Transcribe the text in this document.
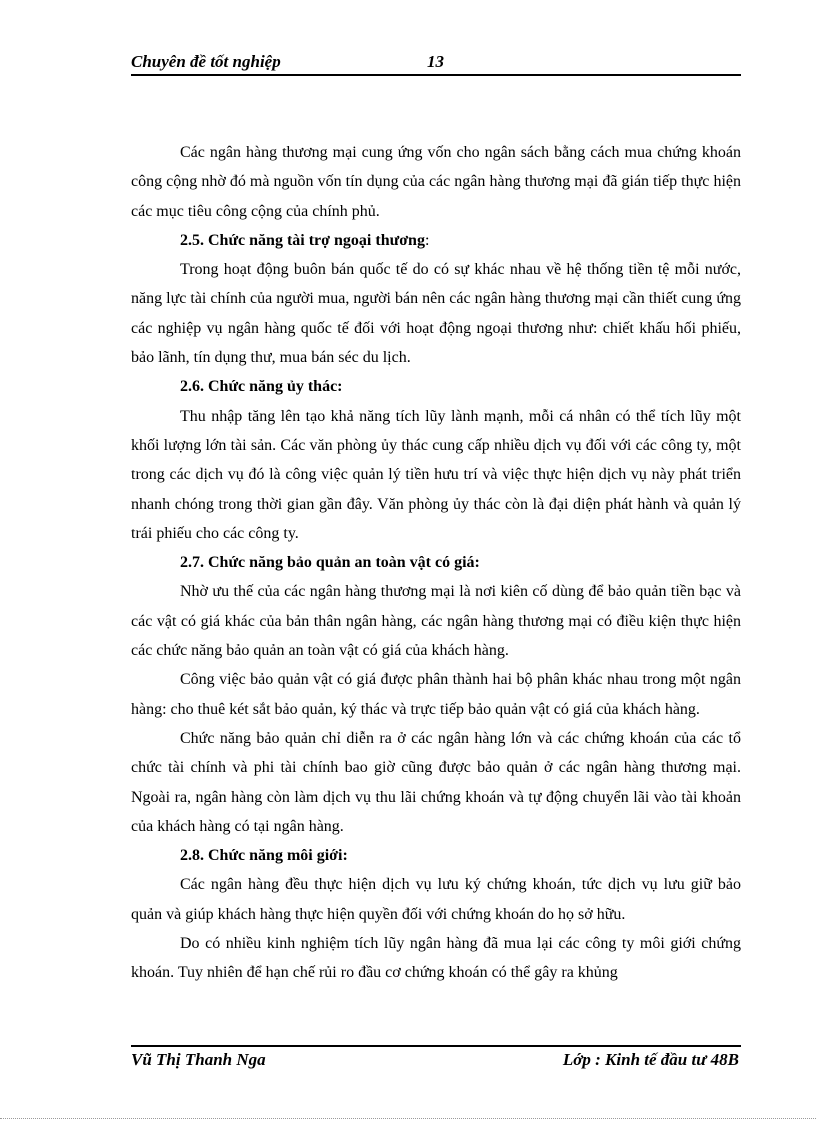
Chuyên đề tốt nghiệp	13

Các ngân hàng thương mại cung ứng vốn cho ngân sách bằng cách mua chứng khoán công cộng nhờ đó mà nguồn vốn tín dụng của các ngân hàng thương mại đã gián tiếp thực hiện các mục tiêu công cộng của chính phủ.

2.5. Chức năng tài trợ ngoại thương:

Trong hoạt động buôn bán quốc tế do có sự khác nhau về hệ thống tiền tệ mỗi nước, năng lực tài chính của người mua, người bán nên các ngân hàng thương mại cần thiết cung ứng các nghiệp vụ ngân hàng quốc tế đối với hoạt động ngoại thương như: chiết khấu hối phiếu, bảo lãnh, tín dụng thư, mua bán séc du lịch.

2.6. Chức năng ủy thác:

Thu nhập tăng lên tạo khả năng tích lũy lành mạnh, mỗi cá nhân có thể tích lũy một khối lượng lớn tài sản. Các văn phòng ủy thác cung cấp nhiều dịch vụ đối với các công ty, một trong các dịch vụ đó là công việc quản lý tiền hưu trí và việc thực hiện dịch vụ này phát triển nhanh chóng trong thời gian gần đây. Văn phòng ủy thác còn là đại diện phát hành và quản lý trái phiếu cho các công ty.

2.7. Chức năng bảo quản an toàn vật có giá:

Nhờ ưu thế của các ngân hàng thương mại là nơi kiên cố dùng để bảo quản tiền bạc và các vật có giá khác của bản thân ngân hàng, các ngân hàng thương mại có điều kiện thực hiện các chức năng bảo quản an toàn vật có giá của khách hàng.

Công việc bảo quản vật có giá được phân thành hai bộ phân khác nhau trong một ngân hàng: cho thuê két sắt bảo quản, ký thác và trực tiếp bảo quản vật có giá của khách hàng.

Chức năng bảo quản chỉ diễn ra ở các ngân hàng lớn và các chứng khoán của các tổ chức tài chính và phi tài chính bao giờ cũng được bảo quản ở các ngân hàng thương mại. Ngoài ra, ngân hàng còn làm dịch vụ thu lãi chứng khoán và tự động chuyển lãi vào tài khoản của khách hàng có tại ngân hàng.

2.8. Chức năng môi giới:

Các ngân hàng đều thực hiện dịch vụ lưu ký chứng khoán, tức dịch vụ lưu giữ bảo quản và giúp khách hàng thực hiện quyền đối với chứng khoán do họ sở hữu.

Do có nhiều kinh nghiệm tích lũy ngân hàng đã mua lại các công ty môi giới chứng khoán. Tuy nhiên để hạn chế rủi ro đầu cơ chứng khoán có thể gây ra khủng

Vũ Thị Thanh Nga	Lớp : Kinh tế đầu tư 48B
